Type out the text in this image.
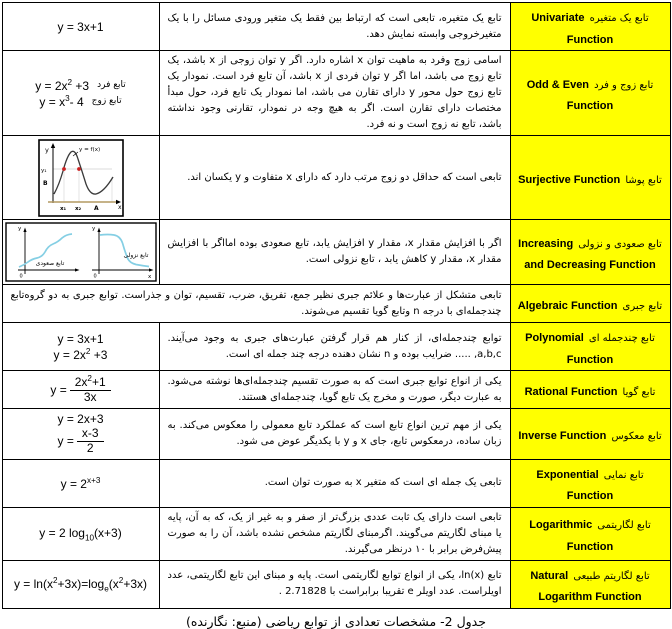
تابع یک متغیره Univariate Function	تابع یک متغیره، تابعی است که ارتباط بین فقط یک متغیر ورودی مسائل را با یک متغیرخروجی وابسته نمایش دهد.	y = 3x+1

تابع زوج و فرد Odd & Even Function	اسامی زوج وفرد به ماهیت توان x اشاره دارد. اگر y توان زوجی از x باشد، یک تابع زوج می باشد، اما اگر y توان فردی از x باشد، آن تابع فرد است. نمودار یک تابع زوج حول محور y دارای تقارن می باشد، اما نمودار یک تابع فرد، حول مبدأ مختصات دارای تقارن است. اگر به هیچ وجه در نمودار، تقارنی وجود نداشته باشد، تابع نه زوج است و نه فرد.	
$y = 2x^2 +3$ تابع فرد
$y = x^3-$ 4 تابع زوج

تابع پوشا Surjective Function	تابعی است که حداقل دو زوج مرتب دارد که دارای x متفاوت و y یکسان اند.	
y	y = f(x)
y₁
B
x₁ x₂ A	x

تابع صعودی و نزولی Increasing and Decreasing Function	اگر با افزایش مقدار x، مقدار y افزایش یابد، تابع صعودی بوده امااگر با افزایش مقدار x، مقدار y کاهش یابد ، تابع نزولی است.	
y
0
تابع صعودی
y
0	x
تابع نزولی

تابع جبری Algebraic Function	تابعی متشکل از عبارت‌ها و علائم جبری نظیر جمع، تفریق، ضرب، تقسیم، توان و جذراست. توابع جبری به دو گروه‌تابع چندجمله‌ای با درجه n وتابع گویا تقسیم می‌شوند.	
تابع چندجمله ای Polynomial Function	توابع چندجمله‌ای، از کنار هم قرار گرفتن عبارت‌های جبری به وجود می‌آیند. a,b,c, ..... ضرایب بوده و n نشان دهنده درجه چند جمله ای است.	y = 3x+1
$y = 2x^2 +3$

تابع گویا Rational Function	یکی از انواع توابع جبری است که به صورت تقسیم چندجمله‌ای‌ها نوشته می‌شود. به عبارت دیگر، صورت و مخرج یک تابع گویا، چندجمله‌ای هستند.	$y = \frac{2x^2+1}{3x}$

تابع معکوس Inverse Function	یکی از مهم ترین انواع تابع است که عملکرد تابع معمولی را معکوس می‌کند. به زبان ساده، درمعکوس تابع، جای x و y با یکدیگر عوض می شود.	y = 2x+3
$y = \frac{x-3}{2}$

تابع نمایی Exponential Function	تابعی یک جمله ای است که متغیر x به صورت توان است.	$y = 2^{x+3}$

تابع لگاریتمی Logarithmic Function	تابعی است دارای یک ثابت عددی بزرگ‌تر از صفر و به غیر از یک، که به آن، پایه یا مبنای لگاریتم می‌گویند. اگرمبنای لگاریتم مشخص نشده باشد، آن را به صورت پیش‌فرض برابر با ۱۰ درنظر می‌گیرند.	y = 2 $\log_{10}(x+3)$

تابع لگاریتم طبیعی Natural Logarithm Function	تابع ln(x)، یکی از انواع توابع لگاریتمی است. پایه و مبنای این تابع لگاریتمی، عدد اویلراست. عدد اویلر e تقریبا برابراست با 2.71828 .	$y = \ln(x^2+3x)=\log_e(x^2+3x)$
جدول 2- مشخصات تعدادی از توابع ریاضی (منبع: نگارنده)
